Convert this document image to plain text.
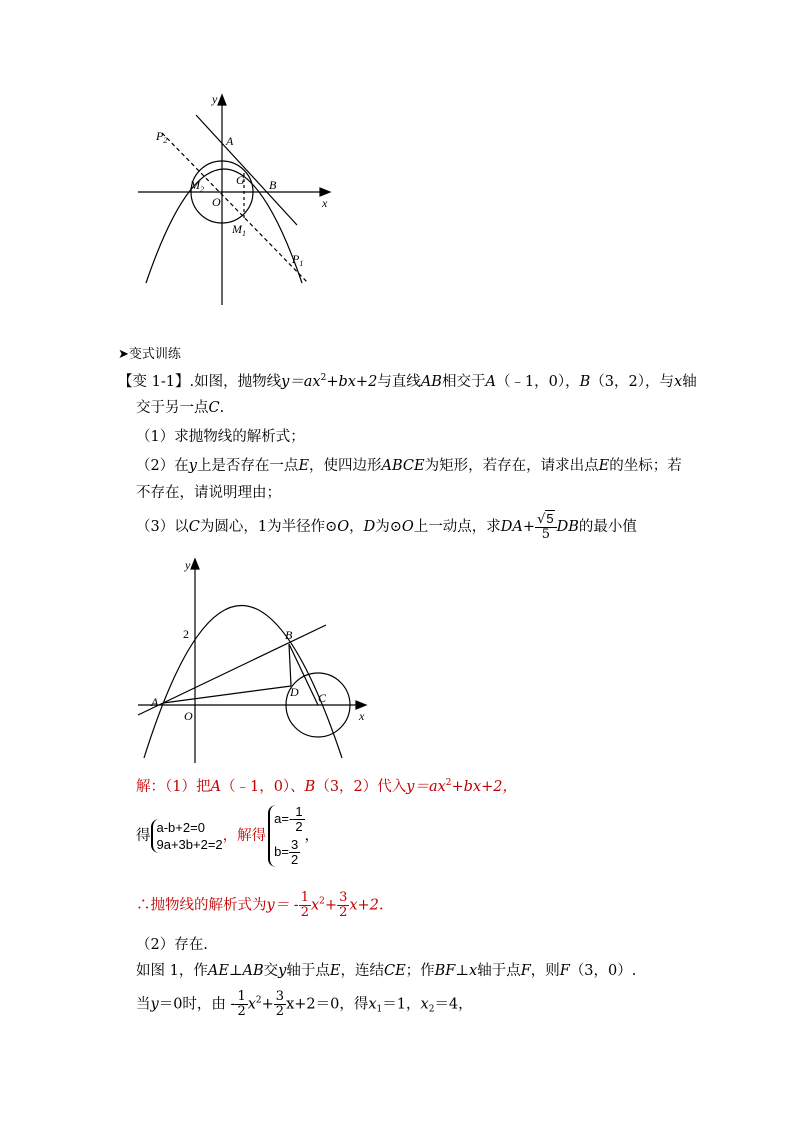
y
x
A
B
O
G
$M_2$
$M_1$
$P_2$
$P_1$
➤变式训练
【变 1-1】.如图，抛物线$y=ax^2+bx+2$与直线AB相交于A（﹣1，0），B（3，2），与x轴
交于另一点C.
（1）求抛物线的解析式；
（2）在y上是否存在一点E，使四边形ABCE为矩形，若存在，请求出点E的坐标；若
不存在，请说明理由；
（3）以C为圆心，1为半径作⊙O，D为⊙O上一动点，求$DA+ \frac{√5}{5}$ DB的最小值
y
x
2
A
O
B
D C
解：（1）把A（﹣1，0）、B（3，2）代入$y=ax^2+bx+2$，
得
a-b+2=0
9a+3b+2=2
，解得
$a=- \frac{1}{2}$
$b= \frac{3}{2}$
，
∴抛物线的解析式为$y= - \frac{1}{2} x^2+ \frac{3}{2} x+2$.
（2）存在.
如图 1，作AE⊥AB交y轴于点E，连结CE；作BF⊥x轴于点F，则F（3，0）.
当y＝0时，由 - $\frac{1}{2} x^2+ \frac{3}{2} x+2=0$，得$x_1=1$，$x_2=4$，
